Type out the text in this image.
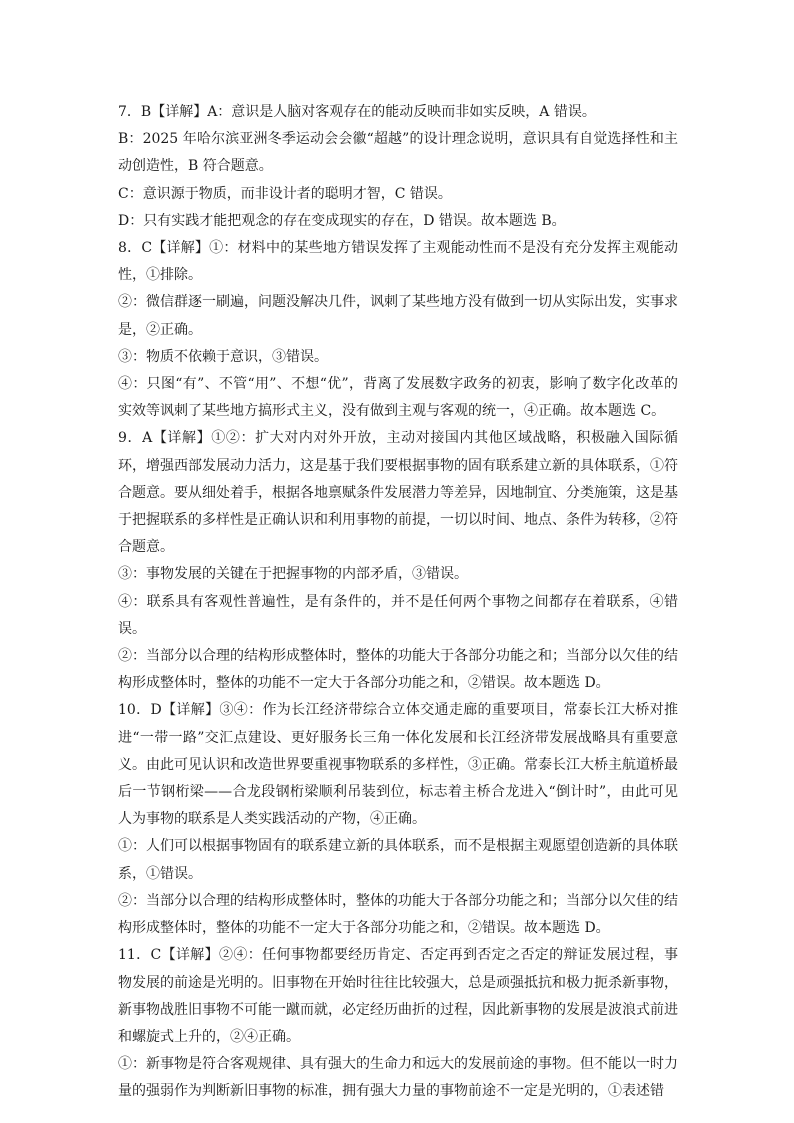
7．B【详解】A：意识是人脑对客观存在的能动反映而非如实反映，A 错误。

B：2025 年哈尔滨亚洲冬季运动会会徽“超越”的设计理念说明，意识具有自觉选择性和主动创造性，B 符合题意。

C：意识源于物质，而非设计者的聪明才智，C 错误。

D：只有实践才能把观念的存在变成现实的存在，D 错误。故本题选 B。

8．C【详解】①：材料中的某些地方错误发挥了主观能动性而不是没有充分发挥主观能动性，①排除。

②：微信群逐一刷遍，问题没解决几件，讽刺了某些地方没有做到一切从实际出发，实事求是，②正确。

③：物质不依赖于意识，③错误。

④：只图“有”、不管“用”、不想“优”，背离了发展数字政务的初衷，影响了数字化改革的实效等讽刺了某些地方搞形式主义，没有做到主观与客观的统一，④正确。故本题选 C。

9．A【详解】①②：扩大对内对外开放，主动对接国内其他区域战略，积极融入国际循环，增强西部发展动力活力，这是基于我们要根据事物的固有联系建立新的具体联系，①符合题意。要从细处着手，根据各地禀赋条件发展潜力等差异，因地制宜、分类施策，这是基于把握联系的多样性是正确认识和利用事物的前提，一切以时间、地点、条件为转移，②符合题意。

③：事物发展的关键在于把握事物的内部矛盾，③错误。

④：联系具有客观性普遍性，是有条件的，并不是任何两个事物之间都存在着联系，④错误。

②：当部分以合理的结构形成整体时，整体的功能大于各部分功能之和；当部分以欠佳的结构形成整体时，整体的功能不一定大于各部分功能之和，②错误。故本题选 D。

10．D【详解】③④：作为长江经济带综合立体交通走廊的重要项目，常泰长江大桥对推进“一带一路”交汇点建设、更好服务长三角一体化发展和长江经济带发展战略具有重要意义。由此可见认识和改造世界要重视事物联系的多样性，③正确。常泰长江大桥主航道桥最后一节钢桁梁——合龙段钢桁梁顺利吊装到位，标志着主桥合龙进入“倒计时”，由此可见人为事物的联系是人类实践活动的产物，④正确。

①：人们可以根据事物固有的联系建立新的具体联系，而不是根据主观愿望创造新的具体联系，①错误。

②：当部分以合理的结构形成整体时，整体的功能大于各部分功能之和；当部分以欠佳的结构形成整体时，整体的功能不一定大于各部分功能之和，②错误。故本题选 D。

11．C【详解】②④：任何事物都要经历肯定、否定再到否定之否定的辩证发展过程，事物发展的前途是光明的。旧事物在开始时往往比较强大，总是顽强抵抗和极力扼杀新事物，新事物战胜旧事物不可能一蹴而就，必定经历曲折的过程，因此新事物的发展是波浪式前进和螺旋式上升的，②④正确。

①：新事物是符合客观规律、具有强大的生命力和远大的发展前途的事物。但不能以一时力量的强弱作为判断新旧事物的标准，拥有强大力量的事物前途不一定是光明的，①表述错
